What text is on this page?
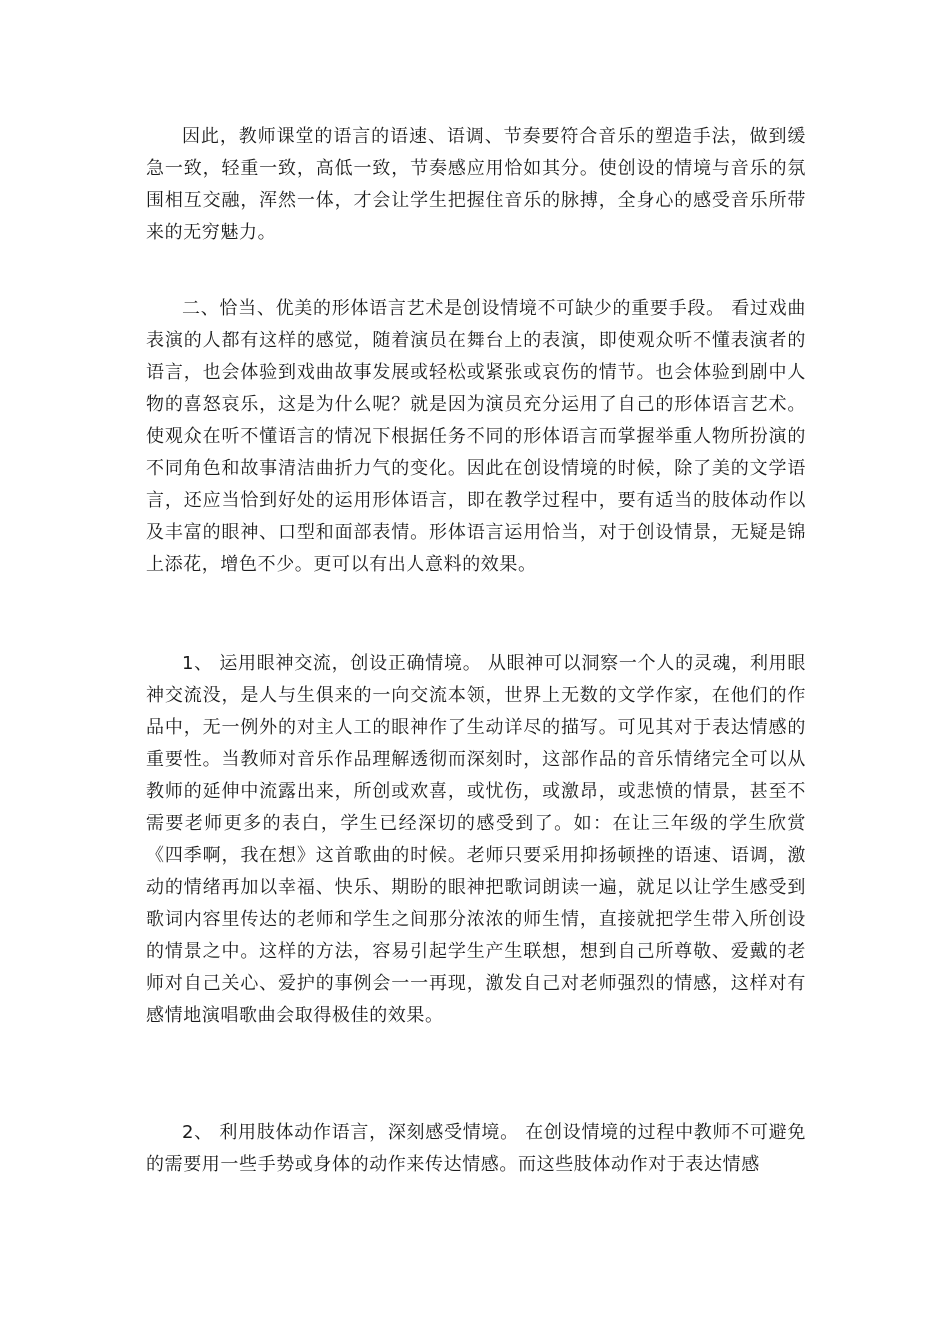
因此，教师课堂的语言的语速、语调、节奏要符合音乐的塑造手法，做到缓急一致，轻重一致，高低一致，节奏感应用恰如其分。使创设的情境与音乐的氛围相互交融，浑然一体，才会让学生把握住音乐的脉搏，全身心的感受音乐所带来的无穷魅力。

二、恰当、优美的形体语言艺术是创设情境不可缺少的重要手段。 看过戏曲表演的人都有这样的感觉，随着演员在舞台上的表演，即使观众听不懂表演者的语言，也会体验到戏曲故事发展或轻松或紧张或哀伤的情节。也会体验到剧中人物的喜怒哀乐，这是为什么呢？就是因为演员充分运用了自己的形体语言艺术。使观众在听不懂语言的情况下根据任务不同的形体语言而掌握举重人物所扮演的不同角色和故事清洁曲折力气的变化。因此在创设情境的时候，除了美的文学语言，还应当恰到好处的运用形体语言，即在教学过程中，要有适当的肢体动作以及丰富的眼神、口型和面部表情。形体语言运用恰当，对于创设情景，无疑是锦上添花，增色不少。更可以有出人意料的效果。

1、 运用眼神交流，创设正确情境。 从眼神可以洞察一个人的灵魂，利用眼神交流没，是人与生俱来的一向交流本领，世界上无数的文学作家，在他们的作品中，无一例外的对主人工的眼神作了生动详尽的描写。可见其对于表达情感的重要性。当教师对音乐作品理解透彻而深刻时，这部作品的音乐情绪完全可以从教师的延伸中流露出来，所创或欢喜，或忧伤，或激昂，或悲愤的情景，甚至不需要老师更多的表白，学生已经深切的感受到了。如：在让三年级的学生欣赏《四季啊，我在想》这首歌曲的时候。老师只要采用抑扬顿挫的语速、语调，激动的情绪再加以幸福、快乐、期盼的眼神把歌词朗读一遍，就足以让学生感受到歌词内容里传达的老师和学生之间那分浓浓的师生情，直接就把学生带入所创设的情景之中。这样的方法，容易引起学生产生联想，想到自己所尊敬、爱戴的老师对自己关心、爱护的事例会一一再现，激发自己对老师强烈的情感，这样对有感情地演唱歌曲会取得极佳的效果。

2、 利用肢体动作语言，深刻感受情境。 在创设情境的过程中教师不可避免的需要用一些手势或身体的动作来传达情感。而这些肢体动作对于表达情感
